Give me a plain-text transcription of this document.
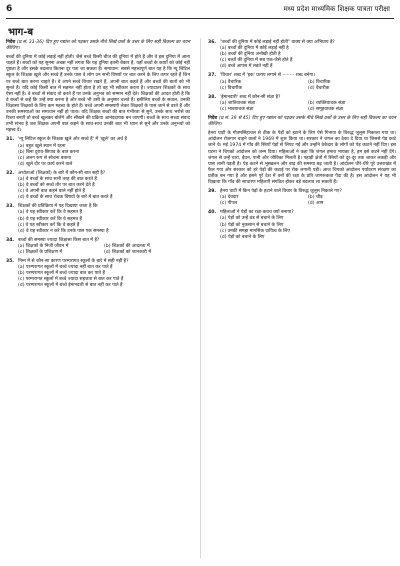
6	मध्य प्रदेश माध्यमिक शिक्षक पात्रता परीक्षा
भाग-ब

निर्देश (प्र.सं. 31-36) दिए हुए गद्यांश को पढ़कर उसके नीचे लिखे प्रश्नों के उत्तर के लिए सही विकल्प का चयन कीजिए।

बच्चों की दुनिया में कोई लड़ाई नहीं होती। जैसे बच्चे किसी चीज की दुनिया में होते हैं और वे इस दुनिया में आना चाहते हैं। बच्चों को यह सुनना अच्छा नहीं लगता कि यह दुनिया इतनी बेकार है, यहाँ बच्चों के कार्यों को कोई नहीं पूछता है और इसके बदलाव कितना दूर पता जा सकता है। समाधान: सबसे महत्त्वपूर्ण बात यह है कि न्यू लिटिल स्कूल के शिक्षक खुले और सच्चे हैं उनके पास वे लोग उन सभी विषयों पर बात करने के लिए तत्पर रहते हैं जिन पर बच्चे बात करना चाहते हैं। वे अपने सच्चे विचार रखते हैं, अपनी बात कहते हैं और बच्चों की बातों को भी सुनते हैं। यदि कोई किसी बात में सहमत नहीं होता है तो वह भी स्वीकार करता है। ज्यादातर शिक्षकों के साथ ऐसा नहीं है। वे बच्चों से संवाद तो करते हैं पर उनके अनुभव को सम्मान नहीं देते। शिक्षकों की आदत होती है कि वे बच्चों से कहें कि उन्हें क्या करना है और बच्चे भी उसी के अनुसार चलते हैं। इसीलिए बच्चों के सवाल, उनकी जिज्ञासा शिक्षकों के लिए कम महत्त्व के होते हैं। बच्चे अपनी समस्याएँ लेकर शिक्षकों के पास जाने से डरते हैं और उनकी समस्याओं का समाधान नहीं हो पाता। यदि शिक्षक बच्चों की बात गंभीरता से सुनें, उनके साथ भरोसे का रिश्ता बनाएँ तो बच्चे खुलकर बोलेंगे और सीखने की प्रक्रिया आनंददायक बन जाएगी। बच्चों के साथ सच्चा संवाद तभी संभव है जब शिक्षक अपनी बात कहने के साथ-साथ उनकी बात भी ध्यान से सुनें और उनके अनुभवों को महत्त्व दें।

31. 'न्यू लिटिल स्कूल के शिक्षक खुले और सच्चे हैं' में 'खुले' का अर्थ है
(a) बहुत खुले स्थान में रहना
(b) बिना दुराव-छिपाव के बात करना
(c) अलग रूप से सोचना बताना
(d) खुले दौर पर कार्य करने वाले
32. अध्येताओं (शिक्षकों) के बारे में कौन-सी बात सही है?
(a) वे बच्चों के साथ सभी तरह की बात करते हैं
(b) वे बच्चों को सच्चे तौर पर बात करने देते हैं
(c) वे अपनी बात कहने वाले नहीं होते हैं
(d) वे बच्चों के साथ रोचक विषयों के बारे में बात करते हैं
33. शिक्षकों की प्रतिक्रिया में यह दिखाया जाता है कि
(a) वे यह स्वीकार करें कि वे सहमत हैं
(b) वे यह स्वीकार करें कि वे सहमत हैं
(c) वे यह स्वीकार करें कि वे कहते हैं
(d) वे यह स्वीकार न करें कि उनके पास एक समस्या है
34. बच्चों की समस्या ज्यादा जिज्ञासा किस बात में है?
(a) शिक्षकों के निजी जीवन में	(b) शिक्षकों की आदतता में
(c) शिक्षकों के प्रशिक्षण में	(d) शिक्षकों को जानकारी में
35. निम्न में से कौन-सा कारण परम्परागत स्कूलों के बारे में सही नहीं है?
(a) परम्परागत स्कूलों में बच्चे ज्यादा नहीं बात कर पाते हैं
(b) परम्परागत स्कूलों में बच्चे ज्यादा बात कर पाते हैं
(c) परम्परागत स्कूलों में बच्चे ज्यादा सहजता से बात कर पाते हैं
(d) परम्परागत स्कूलों में बच्चे ईमानदारी से बात नहीं कर पाते हैं
36. "बच्चों की दुनिया में कोई लड़ाई नहीं होती" वाक्य से क्या अभिप्राय है?
(a) बच्चों की दुनिया में कोई लड़ाई नहीं है
(b) बच्चों की दुनिया अनोखी होती है
(c) बच्चों की दुनिया में सब एक-जैसे होते हैं
(d) बच्चे आपस में लड़ते नहीं हैं
37. 'विचार' शब्द में 'इक' प्रत्यय लगाने से ········ शब्द बनेगा।
(a) वैचारिक	(b) विचारिक
(c) विचारीक	(d) वैचारीक
38. 'ईमानदारी' शब्द में कौन-सी संज्ञा है?
(a) जातिवाचक संज्ञा	(b) व्यक्तिवाचक संज्ञा
(c) भाववाचक संज्ञा	(d) समूहवाचक संज्ञा

निर्देश (प्र.सं. 39 से 45) दिए हुए गद्यांश को पढ़कर उसके नीचे लिखे प्रश्नों के उत्तर के लिए सही विकल्प का चयन कीजिए।

हेनरा घाटी के गौतमसिंहाचल से ठीक के पेड़ों को हटाने के लिए ऐसे गिनाया के विरुद्ध जुलूस निकाला गया था। आंदोलन रोज़गार चाहने वालों ने 1969 में शुरू किया था। सरकार ने जंगल का ठेका दे दिया था जिससे पेड़ काटे जाने थे। मई 1974 में गाँव की स्त्रियाँ पेड़ों से लिपट गईं और उन्होंने ठेकेदार के लोगों को पेड़ काटने नहीं दिए। इस घटना ने चिपको आंदोलन को जन्म दिया। महिलाओं ने कहा कि जंगल हमारा मायका है, हम इसे कटने नहीं देंगे। जंगल से उन्हें चारा, ईंधन, पानी और जीविका मिलती है। पहाड़ी क्षेत्रों में स्त्रियों को दूर-दूर तक जाकर लकड़ी और घास लानी पड़ती है। पेड़ कटने से भूस्खलन और बाढ़ की समस्या बढ़ जाती है। आंदोलन धीरे-धीरे पूरे उत्तराखंड में फैल गया और सरकार को हरे पेड़ों की कटाई पर रोक लगानी पड़ी। आज चिपको आंदोलन पर्यावरण संरक्षण का प्रतीक बन गया है और इसने पूरे देश में वनों की रक्षा के प्रति जागरूकता पैदा की है। इस आंदोलन ने यह भी दिखाया कि गाँव की साधारण महिलाएँ संगठित होकर बड़े बदलाव ला सकती हैं।

39. हेनरा घाटी में किन पेड़ों के हटाने वाले विचार के विरुद्ध जुलूस निकाले गए?
(a) देवदार	(b) चीड़
(c) पीपल	(d) आम
40. महिलाओं ने पेड़ों का रक्षा-कवच क्यों बनाया?
(a) पेड़ों को उन्हें ठंड से बचाने के लिए
(b) पेड़ों को नुकसान से बचाने के लिए
(c) उनकी समझ मानसिक दायित्व के लिए
(d) पेड़ों को बचाने के लिए
